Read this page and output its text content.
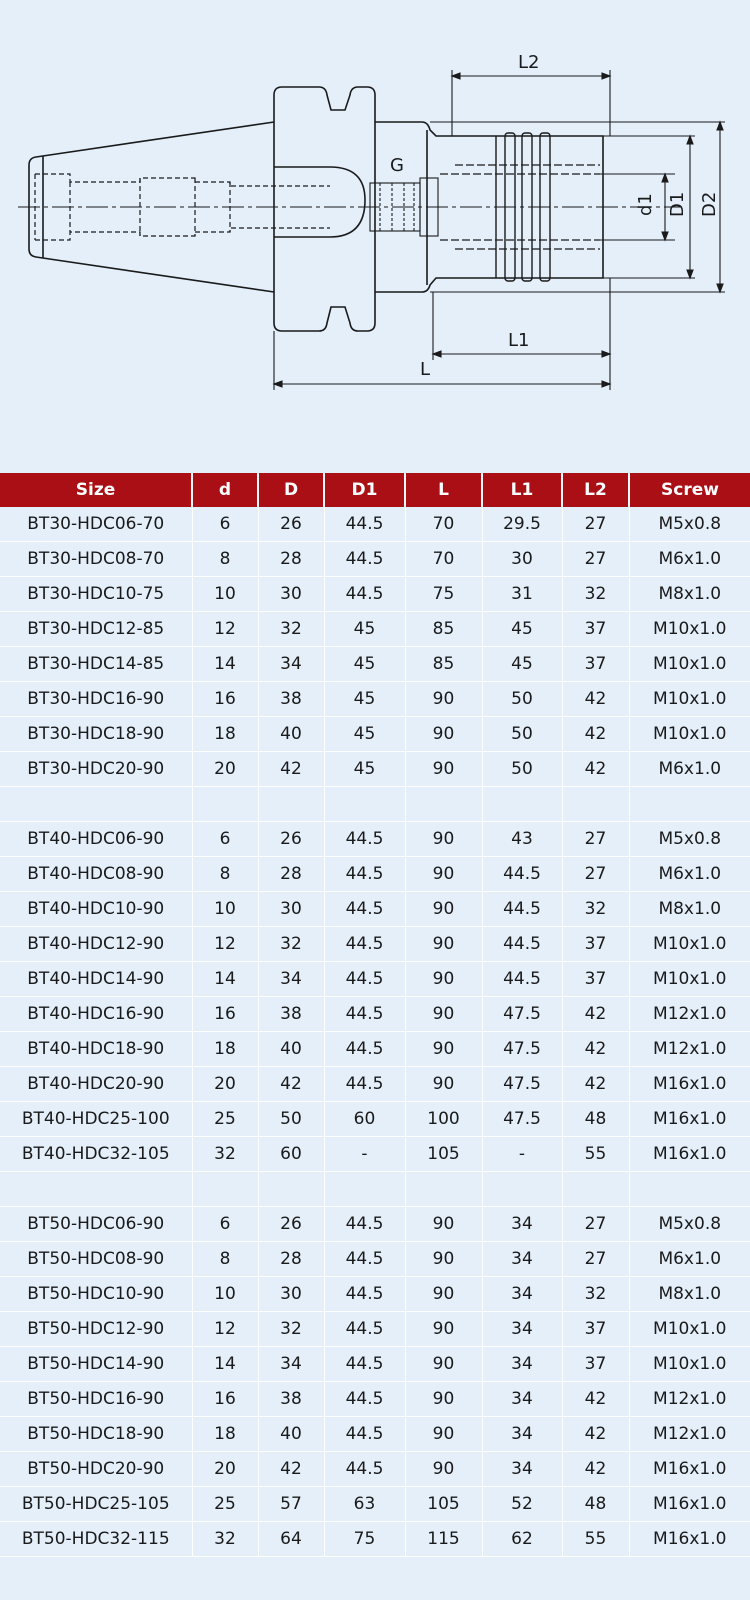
L2
G
d1 D1 D2
L1
L
Size	d	D	D1	L	L1	L2	Screw
BT30-HDC06-70	6	26	44.5	70	29.5	27	M5x0.8
BT30-HDC08-70	8	28	44.5	70	30	27	M6x1.0
BT30-HDC10-75	10	30	44.5	75	31	32	M8x1.0
BT30-HDC12-85	12	32	45	85	45	37	M10x1.0
BT30-HDC14-85	14	34	45	85	45	37	M10x1.0
BT30-HDC16-90	16	38	45	90	50	42	M10x1.0
BT30-HDC18-90	18	40	45	90	50	42	M10x1.0
BT30-HDC20-90	20	42	45	90	50	42	M6x1.0

BT40-HDC06-90	6	26	44.5	90	43	27	M5x0.8
BT40-HDC08-90	8	28	44.5	90	44.5	27	M6x1.0
BT40-HDC10-90	10	30	44.5	90	44.5	32	M8x1.0
BT40-HDC12-90	12	32	44.5	90	44.5	37	M10x1.0
BT40-HDC14-90	14	34	44.5	90	44.5	37	M10x1.0
BT40-HDC16-90	16	38	44.5	90	47.5	42	M12x1.0
BT40-HDC18-90	18	40	44.5	90	47.5	42	M12x1.0
BT40-HDC20-90	20	42	44.5	90	47.5	42	M16x1.0
BT40-HDC25-100	25	50	60	100	47.5	48	M16x1.0
BT40-HDC32-105	32	60	-	105	-	55	M16x1.0

BT50-HDC06-90	6	26	44.5	90	34	27	M5x0.8
BT50-HDC08-90	8	28	44.5	90	34	27	M6x1.0
BT50-HDC10-90	10	30	44.5	90	34	32	M8x1.0
BT50-HDC12-90	12	32	44.5	90	34	37	M10x1.0
BT50-HDC14-90	14	34	44.5	90	34	37	M10x1.0
BT50-HDC16-90	16	38	44.5	90	34	42	M12x1.0
BT50-HDC18-90	18	40	44.5	90	34	42	M12x1.0
BT50-HDC20-90	20	42	44.5	90	34	42	M16x1.0
BT50-HDC25-105	25	57	63	105	52	48	M16x1.0
BT50-HDC32-115	32	64	75	115	62	55	M16x1.0
